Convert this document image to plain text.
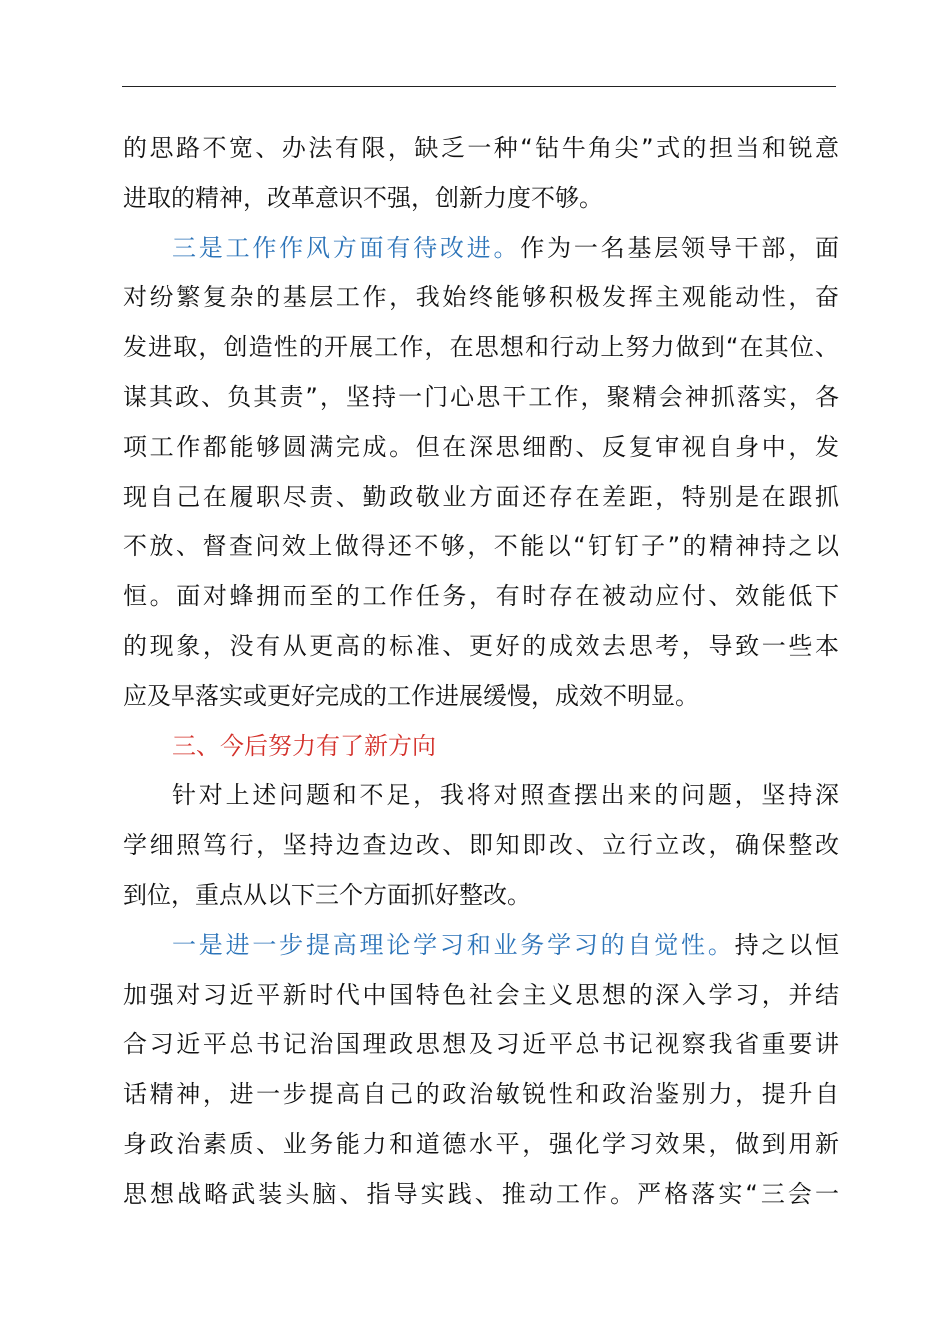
的思路不宽、办法有限，缺乏一种“钻牛角尖”式的担当和锐意
进取的精神，改革意识不强，创新力度不够。
三是工作作风方面有待改进。作为一名基层领导干部，面
对纷繁复杂的基层工作，我始终能够积极发挥主观能动性，奋
发进取，创造性的开展工作，在思想和行动上努力做到“在其位、
谋其政、负其责”，坚持一门心思干工作，聚精会神抓落实，各
项工作都能够圆满完成。但在深思细酌、反复审视自身中，发
现自己在履职尽责、勤政敬业方面还存在差距，特别是在跟抓
不放、督查问效上做得还不够，不能以“钉钉子”的精神持之以
恒。面对蜂拥而至的工作任务，有时存在被动应付、效能低下
的现象，没有从更高的标准、更好的成效去思考，导致一些本
应及早落实或更好完成的工作进展缓慢，成效不明显。
三、今后努力有了新方向
针对上述问题和不足，我将对照查摆出来的问题，坚持深
学细照笃行，坚持边查边改、即知即改、立行立改，确保整改
到位，重点从以下三个方面抓好整改。
一是进一步提高理论学习和业务学习的自觉性。持之以恒
加强对习近平新时代中国特色社会主义思想的深入学习，并结
合习近平总书记治国理政思想及习近平总书记视察我省重要讲
话精神，进一步提高自己的政治敏锐性和政治鉴别力，提升自
身政治素质、业务能力和道德水平，强化学习效果，做到用新
思想战略武装头脑、指导实践、推动工作。严格落实“三会一
